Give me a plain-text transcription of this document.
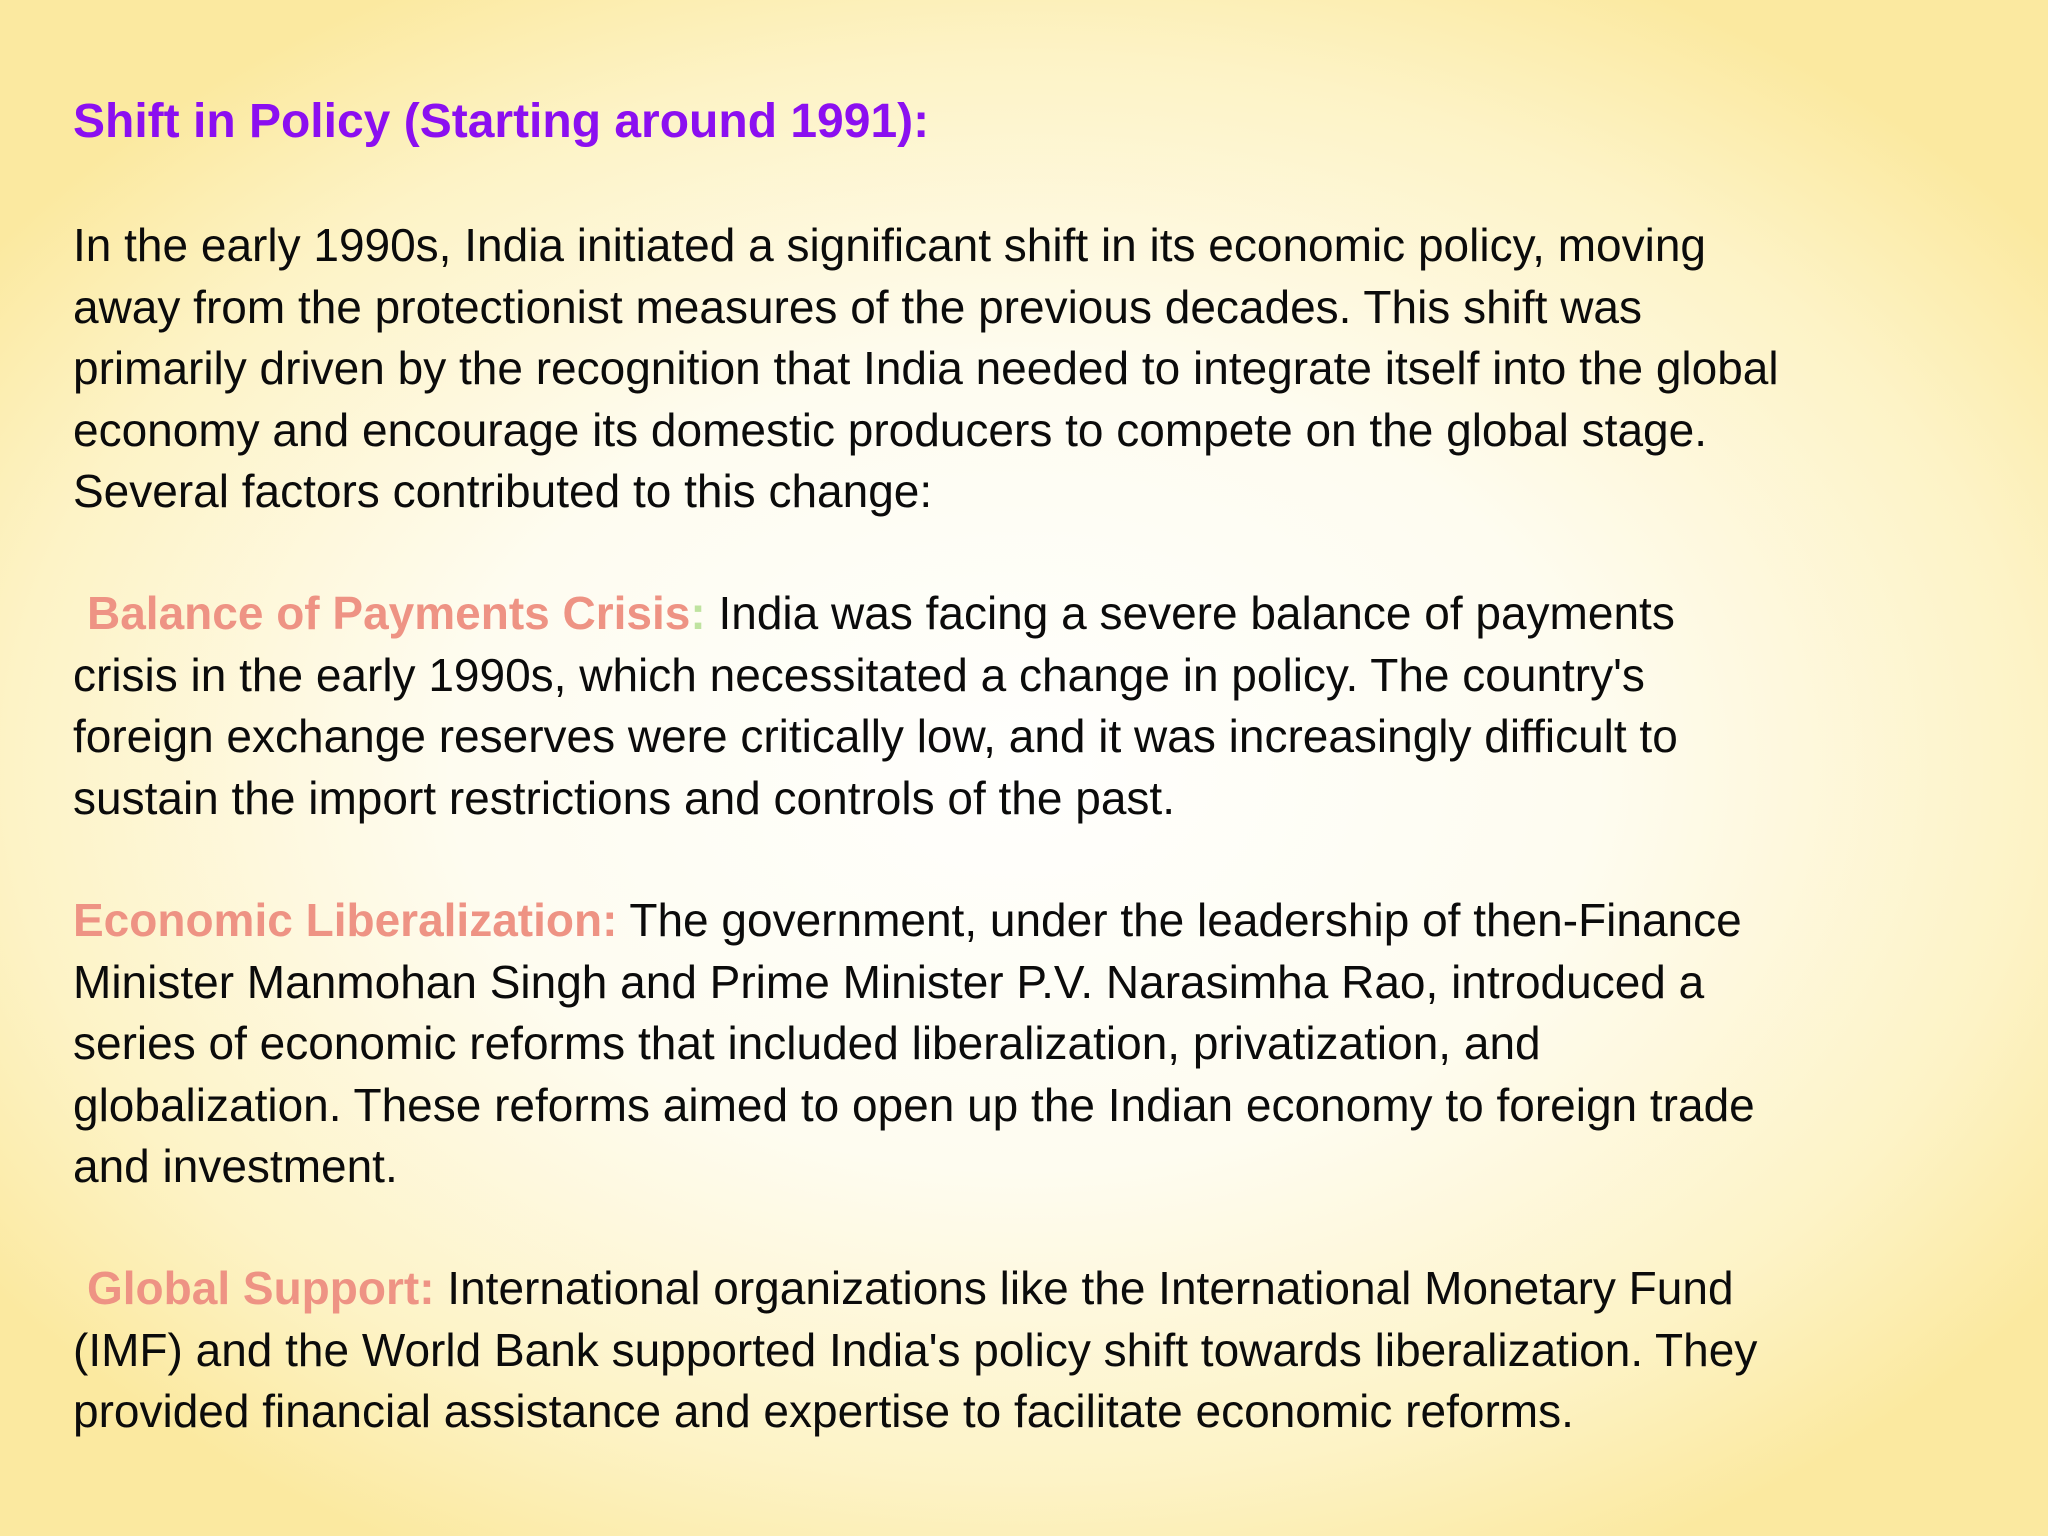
Shift in Policy (Starting around 1991):

In the early 1990s, India initiated a significant shift in its economic policy, moving
away from the protectionist measures of the previous decades. This shift was
primarily driven by the recognition that India needed to integrate itself into the global
economy and encourage its domestic producers to compete on the global stage.
Several factors contributed to this change:

Balance of Payments Crisis: India was facing a severe balance of payments
crisis in the early 1990s, which necessitated a change in policy. The country's
foreign exchange reserves were critically low, and it was increasingly difficult to
sustain the import restrictions and controls of the past.

Economic Liberalization: The government, under the leadership of then-Finance
Minister Manmohan Singh and Prime Minister P.V. Narasimha Rao, introduced a
series of economic reforms that included liberalization, privatization, and
globalization. These reforms aimed to open up the Indian economy to foreign trade
and investment.

Global Support: International organizations like the International Monetary Fund
(IMF) and the World Bank supported India's policy shift towards liberalization. They
provided financial assistance and expertise to facilitate economic reforms.
